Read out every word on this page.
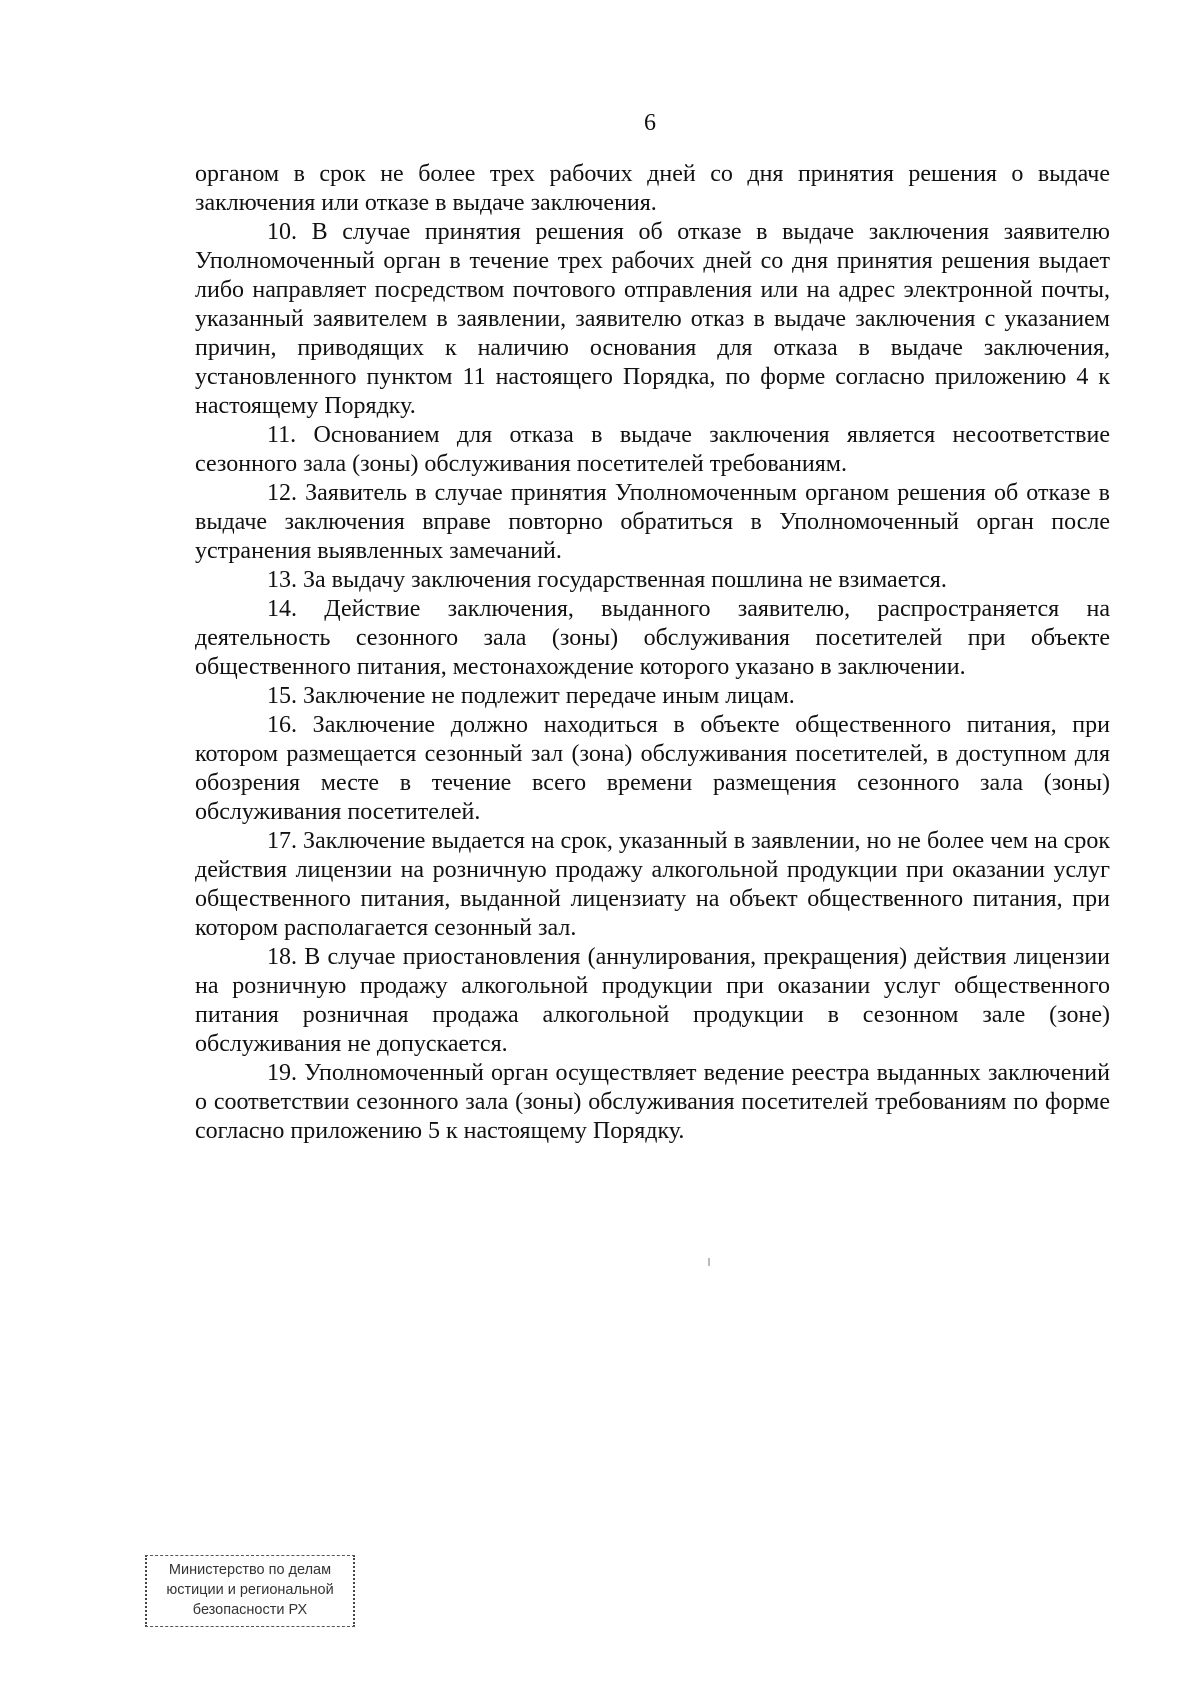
6

органом в срок не более трех рабочих дней со дня принятия решения о выдаче заключения или отказе в выдаче заключения.

10. В случае принятия решения об отказе в выдаче заключения заявителю Уполномоченный орган в течение трех рабочих дней со дня принятия решения выдает либо направляет посредством почтового отправления или на адрес электронной почты, указанный заявителем в заявлении, заявителю отказ в выдаче заключения с указанием причин, приводящих к наличию основания для отказа в выдаче заключения, установленного пунктом 11 настоящего Порядка, по форме согласно приложению 4 к настоящему Порядку.

11. Основанием для отказа в выдаче заключения является несоответствие сезонного зала (зоны) обслуживания посетителей требованиям.

12. Заявитель в случае принятия Уполномоченным органом решения об отказе в выдаче заключения вправе повторно обратиться в Уполномоченный орган после устранения выявленных замечаний.

13. За выдачу заключения государственная пошлина не взимается.

14. Действие заключения, выданного заявителю, распространяется на деятельность сезонного зала (зоны) обслуживания посетителей при объекте общественного питания, местонахождение которого указано в заключении.

15. Заключение не подлежит передаче иным лицам.

16. Заключение должно находиться в объекте общественного питания, при котором размещается сезонный зал (зона) обслуживания посетителей, в доступном для обозрения месте в течение всего времени размещения сезонного зала (зоны) обслуживания посетителей.

17. Заключение выдается на срок, указанный в заявлении, но не более чем на срок действия лицензии на розничную продажу алкогольной продукции при оказании услуг общественного питания, выданной лицензиату на объект общественного питания, при котором располагается сезонный зал.

18. В случае приостановления (аннулирования, прекращения) действия лицензии на розничную продажу алкогольной продукции при оказании услуг общественного питания розничная продажа алкогольной продукции в сезонном зале (зоне) обслуживания не допускается.

19. Уполномоченный орган осуществляет ведение реестра выданных заключений о соответствии сезонного зала (зоны) обслуживания посетителей требованиям по форме согласно приложению 5 к настоящему Порядку.

Министерство по делам
юстиции и региональной
безопасности РХ
